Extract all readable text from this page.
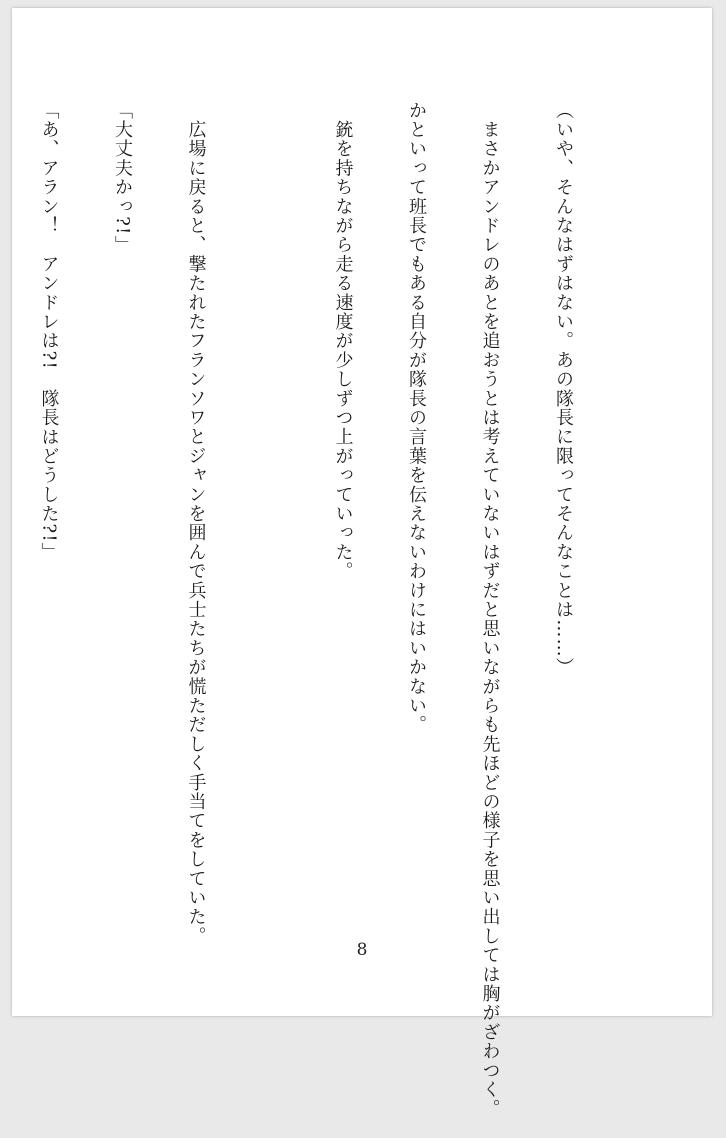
（いや、そんなはずはない。あの隊長に限ってそんなことは……）

　まさかアンドレのあとを追おうとは考えていないはずだと思いながらも先ほどの様子を思い出しては胸がざわつく。

かといって班長でもある自分が隊長の言葉を伝えないわけにはいかない。

　銃を持ちながら走る速度が少しずつ上がっていった。

　広場に戻ると、撃たれたフランソワとジャンを囲んで兵士たちが慌ただしく手当てをしていた。

「大丈夫かっ?!」

「あ、アラン！　アンドレは?!　隊長はどうした?!」

8
